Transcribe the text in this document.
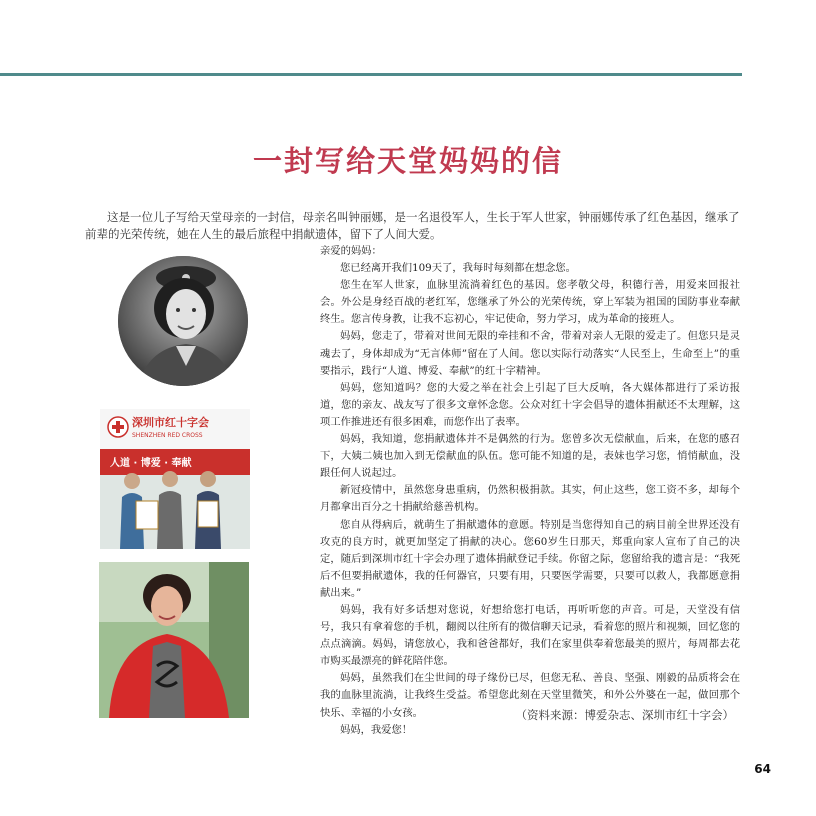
一封写给天堂妈妈的信

这是一位儿子写给天堂母亲的一封信，母亲名叫钟丽娜，是一名退役军人，生长于军人世家，钟丽娜传承了红色基因，继承了前辈的光荣传统，她在人生的最后旅程中捐献遗体，留下了人间大爱。

深圳市红十字会
SHENZHEN RED CROSS
人道 · 博爱 · 奉献

亲爱的妈妈：

您已经离开我们109天了，我每时每刻都在想念您。

您生在军人世家，血脉里流淌着红色的基因。您孝敬父母，积德行善，用爱来回报社会。外公是身经百战的老红军，您继承了外公的光荣传统，穿上军装为祖国的国防事业奉献终生。您言传身教，让我不忘初心，牢记使命，努力学习，成为革命的接班人。

妈妈，您走了，带着对世间无限的牵挂和不舍，带着对亲人无限的爱走了。但您只是灵魂去了，身体却成为“无言体师”留在了人间。您以实际行动落实“人民至上，生命至上”的重要指示，践行“人道、博爱、奉献”的红十字精神。

妈妈，您知道吗？您的大爱之举在社会上引起了巨大反响，各大媒体都进行了采访报道，您的亲友、战友写了很多文章怀念您。公众对红十字会倡导的遗体捐献还不太理解，这项工作推进还有很多困难，而您作出了表率。

妈妈，我知道，您捐献遗体并不是偶然的行为。您曾多次无偿献血，后来，在您的感召下，大姨二姨也加入到无偿献血的队伍。您可能不知道的是，表妹也学习您，悄悄献血，没跟任何人说起过。

新冠疫情中，虽然您身患重病，仍然积极捐款。其实，何止这些，您工资不多，却每个月都拿出百分之十捐献给慈善机构。

您自从得病后，就萌生了捐献遗体的意愿。特别是当您得知自己的病目前全世界还没有攻克的良方时，就更加坚定了捐献的决心。您60岁生日那天，郑重向家人宣布了自己的决定，随后到深圳市红十字会办理了遗体捐献登记手续。你留之际，您留给我的遗言是：“我死后不但要捐献遗体，我的任何器官，只要有用，只要医学需要，只要可以救人，我都愿意捐献出来。”

妈妈，我有好多话想对您说，好想给您打电话，再听听您的声音。可是，天堂没有信号，我只有拿着您的手机，翻阅以往所有的微信聊天记录，看着您的照片和视频，回忆您的点点滴滴。妈妈，请您放心，我和爸爸都好，我们在家里供奉着您最美的照片，每周都去花市购买最漂亮的鲜花陪伴您。

妈妈，虽然我们在尘世间的母子缘份已尽，但您无私、善良、坚强、刚毅的品质将会在我的血脉里流淌，让我终生受益。希望您此刻在天堂里微笑，和外公外婆在一起，做回那个快乐、幸福的小女孩。

妈妈，我爱您！

（资料来源：博爱杂志、深圳市红十字会）
64
